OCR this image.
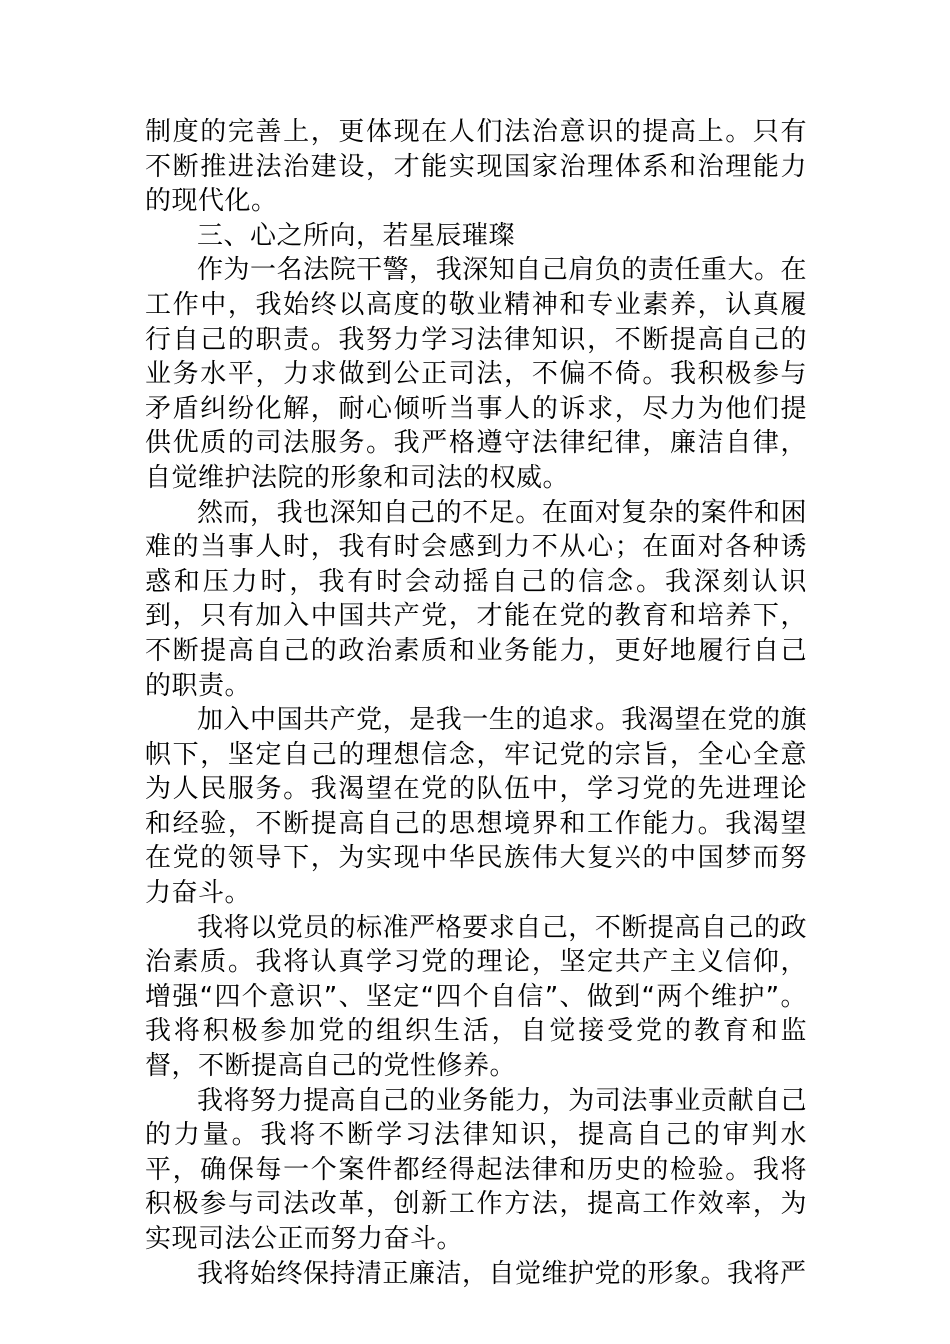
制度的完善上，更体现在人们法治意识的提高上。只有不断推进法治建设，才能实现国家治理体系和治理能力的现代化。

三、心之所向，若星辰璀璨

作为一名法院干警，我深知自己肩负的责任重大。在工作中，我始终以高度的敬业精神和专业素养，认真履行自己的职责。我努力学习法律知识，不断提高自己的业务水平，力求做到公正司法，不偏不倚。我积极参与矛盾纠纷化解，耐心倾听当事人的诉求，尽力为他们提供优质的司法服务。我严格遵守法律纪律，廉洁自律，自觉维护法院的形象和司法的权威。

然而，我也深知自己的不足。在面对复杂的案件和困难的当事人时，我有时会感到力不从心；在面对各种诱惑和压力时，我有时会动摇自己的信念。我深刻认识到，只有加入中国共产党，才能在党的教育和培养下，不断提高自己的政治素质和业务能力，更好地履行自己的职责。

加入中国共产党，是我一生的追求。我渴望在党的旗帜下，坚定自己的理想信念，牢记党的宗旨，全心全意为人民服务。我渴望在党的队伍中，学习党的先进理论和经验，不断提高自己的思想境界和工作能力。我渴望在党的领导下，为实现中华民族伟大复兴的中国梦而努力奋斗。

我将以党员的标准严格要求自己，不断提高自己的政治素质。我将认真学习党的理论，坚定共产主义信仰，增强“四个意识”、坚定“四个自信”、做到“两个维护”。我将积极参加党的组织生活，自觉接受党的教育和监督，不断提高自己的党性修养。

我将努力提高自己的业务能力，为司法事业贡献自己的力量。我将不断学习法律知识，提高自己的审判水平，确保每一个案件都经得起法律和历史的检验。我将积极参与司法改革，创新工作方法，提高工作效率，为实现司法公正而努力奋斗。

我将始终保持清正廉洁，自觉维护党的形象。我将严
